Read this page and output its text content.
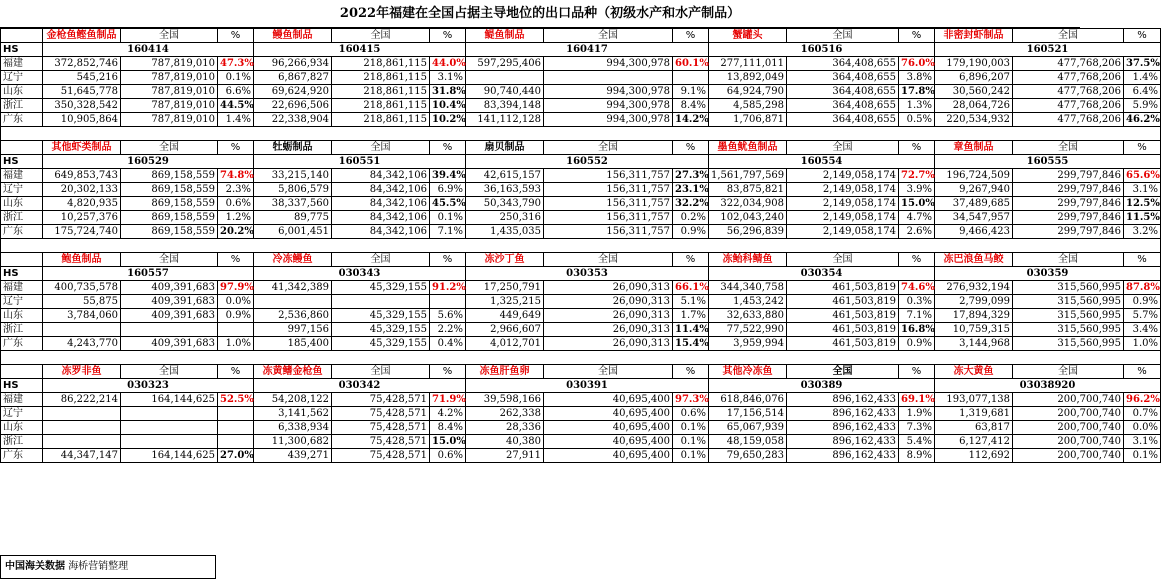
2022年福建在全国占据主导地位的出口品种（初级水产和水产制品）
	金枪鱼鲣鱼制品	全国	%	鳗鱼制品	全国	%	鳀鱼制品	全国	%	蟹罐头	全国	%	非密封虾制品	全国	%
HS	160414			160415			160417			160516			160521		
福建	372,852,746	787,819,010	47.3%	96,266,934	218,861,115	44.0%	597,295,406	994,300,978	60.1%	277,111,011	364,408,655	76.0%	179,190,003	477,768,206	37.5%
辽宁	545,216	787,819,010	0.1%	6,867,827	218,861,115	3.1%				13,892,049	364,408,655	3.8%	6,896,207	477,768,206	1.4%
山东	51,645,778	787,819,010	6.6%	69,624,920	218,861,115	31.8%	90,740,440	994,300,978	9.1%	64,924,790	364,408,655	17.8%	30,560,242	477,768,206	6.4%
浙江	350,328,542	787,819,010	44.5%	22,696,506	218,861,115	10.4%	83,394,148	994,300,978	8.4%	4,585,298	364,408,655	1.3%	28,064,726	477,768,206	5.9%
广东	10,905,864	787,819,010	1.4%	22,338,904	218,861,115	10.2%	141,112,128	994,300,978	14.2%	1,706,871	364,408,655	0.5%	220,534,932	477,768,206	46.2%

	其他虾类制品	全国	%	牡蛎制品	全国	%	扇贝制品	全国	%	墨鱼鱿鱼制品	全国	%	章鱼制品	全国	%
HS	160529			160551			160552			160554			160555		
福建	649,853,743	869,158,559	74.8%	33,215,140	84,342,106	39.4%	42,615,157	156,311,757	27.3%	1,561,797,569	2,149,058,174	72.7%	196,724,509	299,797,846	65.6%
辽宁	20,302,133	869,158,559	2.3%	5,806,579	84,342,106	6.9%	36,163,593	156,311,757	23.1%	83,875,821	2,149,058,174	3.9%	9,267,940	299,797,846	3.1%
山东	4,820,935	869,158,559	0.6%	38,337,560	84,342,106	45.5%	50,343,790	156,311,757	32.2%	322,034,908	2,149,058,174	15.0%	37,489,685	299,797,846	12.5%
浙江	10,257,376	869,158,559	1.2%	89,775	84,342,106	0.1%	250,316	156,311,757	0.2%	102,043,240	2,149,058,174	4.7%	34,547,957	299,797,846	11.5%
广东	175,724,740	869,158,559	20.2%	6,001,451	84,342,106	7.1%	1,435,035	156,311,757	0.9%	56,296,839	2,149,058,174	2.6%	9,466,423	299,797,846	3.2%

	鲍鱼制品	全国	%	冷冻鳗鱼	全国	%	冻沙丁鱼	全国	%	冻鲐科鲭鱼	全国	%	冻巴浪鱼马鲛	全国	%
HS	160557			030343			030353			030354			030359		
福建	400,735,578	409,391,683	97.9%	41,342,389	45,329,155	91.2%	17,250,791	26,090,313	66.1%	344,340,758	461,503,819	74.6%	276,932,194	315,560,995	87.8%
辽宁	55,875	409,391,683	0.0%				1,325,215	26,090,313	5.1%	1,453,242	461,503,819	0.3%	2,799,099	315,560,995	0.9%
山东	3,784,060	409,391,683	0.9%	2,536,860	45,329,155	5.6%	449,649	26,090,313	1.7%	32,633,880	461,503,819	7.1%	17,894,329	315,560,995	5.7%
浙江				997,156	45,329,155	2.2%	2,966,607	26,090,313	11.4%	77,522,990	461,503,819	16.8%	10,759,315	315,560,995	3.4%
广东	4,243,770	409,391,683	1.0%	185,400	45,329,155	0.4%	4,012,701	26,090,313	15.4%	3,959,994	461,503,819	0.9%	3,144,968	315,560,995	1.0%

	冻罗非鱼	全国	%	冻黄鳍金枪鱼	全国	%	冻鱼肝鱼卵	全国	%	其他冷冻鱼	全国	%	冻大黄鱼	全国	%
HS	030323			030342			030391			030389			03038920		
福建	86,222,214	164,144,625	52.5%	54,208,122	75,428,571	71.9%	39,598,166	40,695,400	97.3%	618,846,076	896,162,433	69.1%	193,077,138	200,700,740	96.2%
辽宁				3,141,562	75,428,571	4.2%	262,338	40,695,400	0.6%	17,156,514	896,162,433	1.9%	1,319,681	200,700,740	0.7%
山东				6,338,934	75,428,571	8.4%	28,336	40,695,400	0.1%	65,067,939	896,162,433	7.3%	63,817	200,700,740	0.0%
浙江				11,300,682	75,428,571	15.0%	40,380	40,695,400	0.1%	48,159,058	896,162,433	5.4%	6,127,412	200,700,740	3.1%
广东	44,347,147	164,144,625	27.0%	439,271	75,428,571	0.6%	27,911	40,695,400	0.1%	79,650,283	896,162,433	8.9%	112,692	200,700,740	0.1%
中国海关数据 海桥营销整理
